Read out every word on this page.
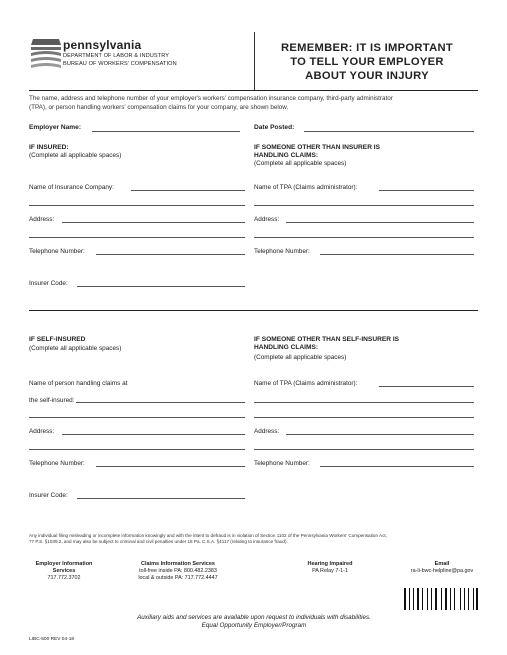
pennsylvania
DEPARTMENT OF LABOR & INDUSTRY
BUREAU OF WORKERS' COMPENSATION
REMEMBER: IT IS IMPORTANT
TO TELL YOUR EMPLOYER
ABOUT YOUR INJURY
The name, address and telephone number of your employer's workers' compensation insurance company, third-party administrator
(TPA), or person handling workers' compensation claims for your company, are shown below.
Employer Name:	Date Posted:
IF INSURED:
(Complete all applicable spaces)
Name of Insurance Company:
Address:
Telephone Number:
Insurer Code:
IF SOMEONE OTHER THAN INSURER IS
HANDLING CLAIMS:
(Complete all applicable spaces)
Name of TPA (Claims administrator):
Address:
Telephone Number:
IF SELF-INSURED
(Complete all applicable spaces)
Name of person handling claims at
the self-insured:
Address:
Telephone Number:
Insurer Code:
IF SOMEONE OTHER THAN SELF-INSURER IS
HANDLING CLAIMS:
(Complete all applicable spaces)
Name of TPA (Claims administrator):
Address:
Telephone Number:
Any individual filing misleading or incomplete information knowingly and with the intent to defraud is in violation of Section 1102 of the Pennsylvania Workers' Compensation Act,
77 P.S. §1039.2, and may also be subject to criminal and civil penalties under 18 Pa. C.S.A. §4117 (relating to insurance fraud).
Employer Information
Services
717.772.3702
Claims Information Services
toll-free inside PA: 800.482.2383
local & outside PA: 717.772.4447
Hearing Impaired
PA Relay 7-1-1
Email
ra-li-bwc-helpline@pa.gov
Auxiliary aids and services are available upon request to individuals with disabilities.
Equal Opportunity Employer/Program
LIBC-500 REV 04-18
